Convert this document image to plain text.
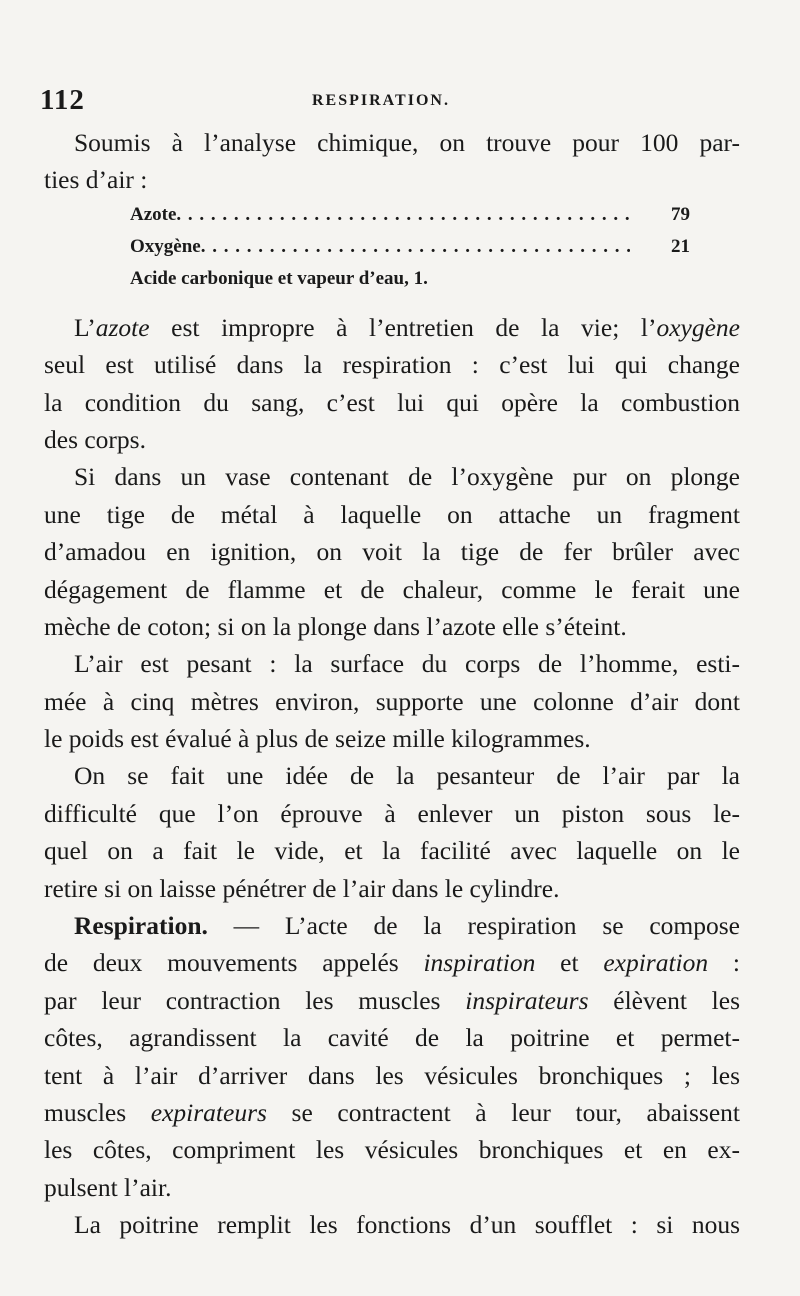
112	RESPIRATION.
Soumis à l’analyse chimique, on trouve pour 100 par-
ties d’air :
Azote . . .	79
Oxygène . . .	21
Acide carbonique et vapeur d’eau, 1.
L’azote est impropre à l’entretien de la vie; l’oxygène
seul est utilisé dans la respiration : c’est lui qui change
la condition du sang, c’est lui qui opère la combustion
des corps.
Si dans un vase contenant de l’oxygène pur on plonge
une tige de métal à laquelle on attache un fragment
d’amadou en ignition, on voit la tige de fer brûler avec
dégagement de flamme et de chaleur, comme le ferait une
mèche de coton; si on la plonge dans l’azote elle s’éteint.
L’air est pesant : la surface du corps de l’homme, esti-
mée à cinq mètres environ, supporte une colonne d’air dont
le poids est évalué à plus de seize mille kilogrammes.
On se fait une idée de la pesanteur de l’air par la
difficulté que l’on éprouve à enlever un piston sous le-
quel on a fait le vide, et la facilité avec laquelle on le
retire si on laisse pénétrer de l’air dans le cylindre.
Respiration. — L’acte de la respiration se compose
de deux mouvements appelés inspiration et expiration :
par leur contraction les muscles inspirateurs élèvent les
côtes, agrandissent la cavité de la poitrine et permet-
tent à l’air d’arriver dans les vésicules bronchiques ; les
muscles expirateurs se contractent à leur tour, abaissent
les côtes, compriment les vésicules bronchiques et en ex-
pulsent l’air.
La poitrine remplit les fonctions d’un soufflet : si nous
